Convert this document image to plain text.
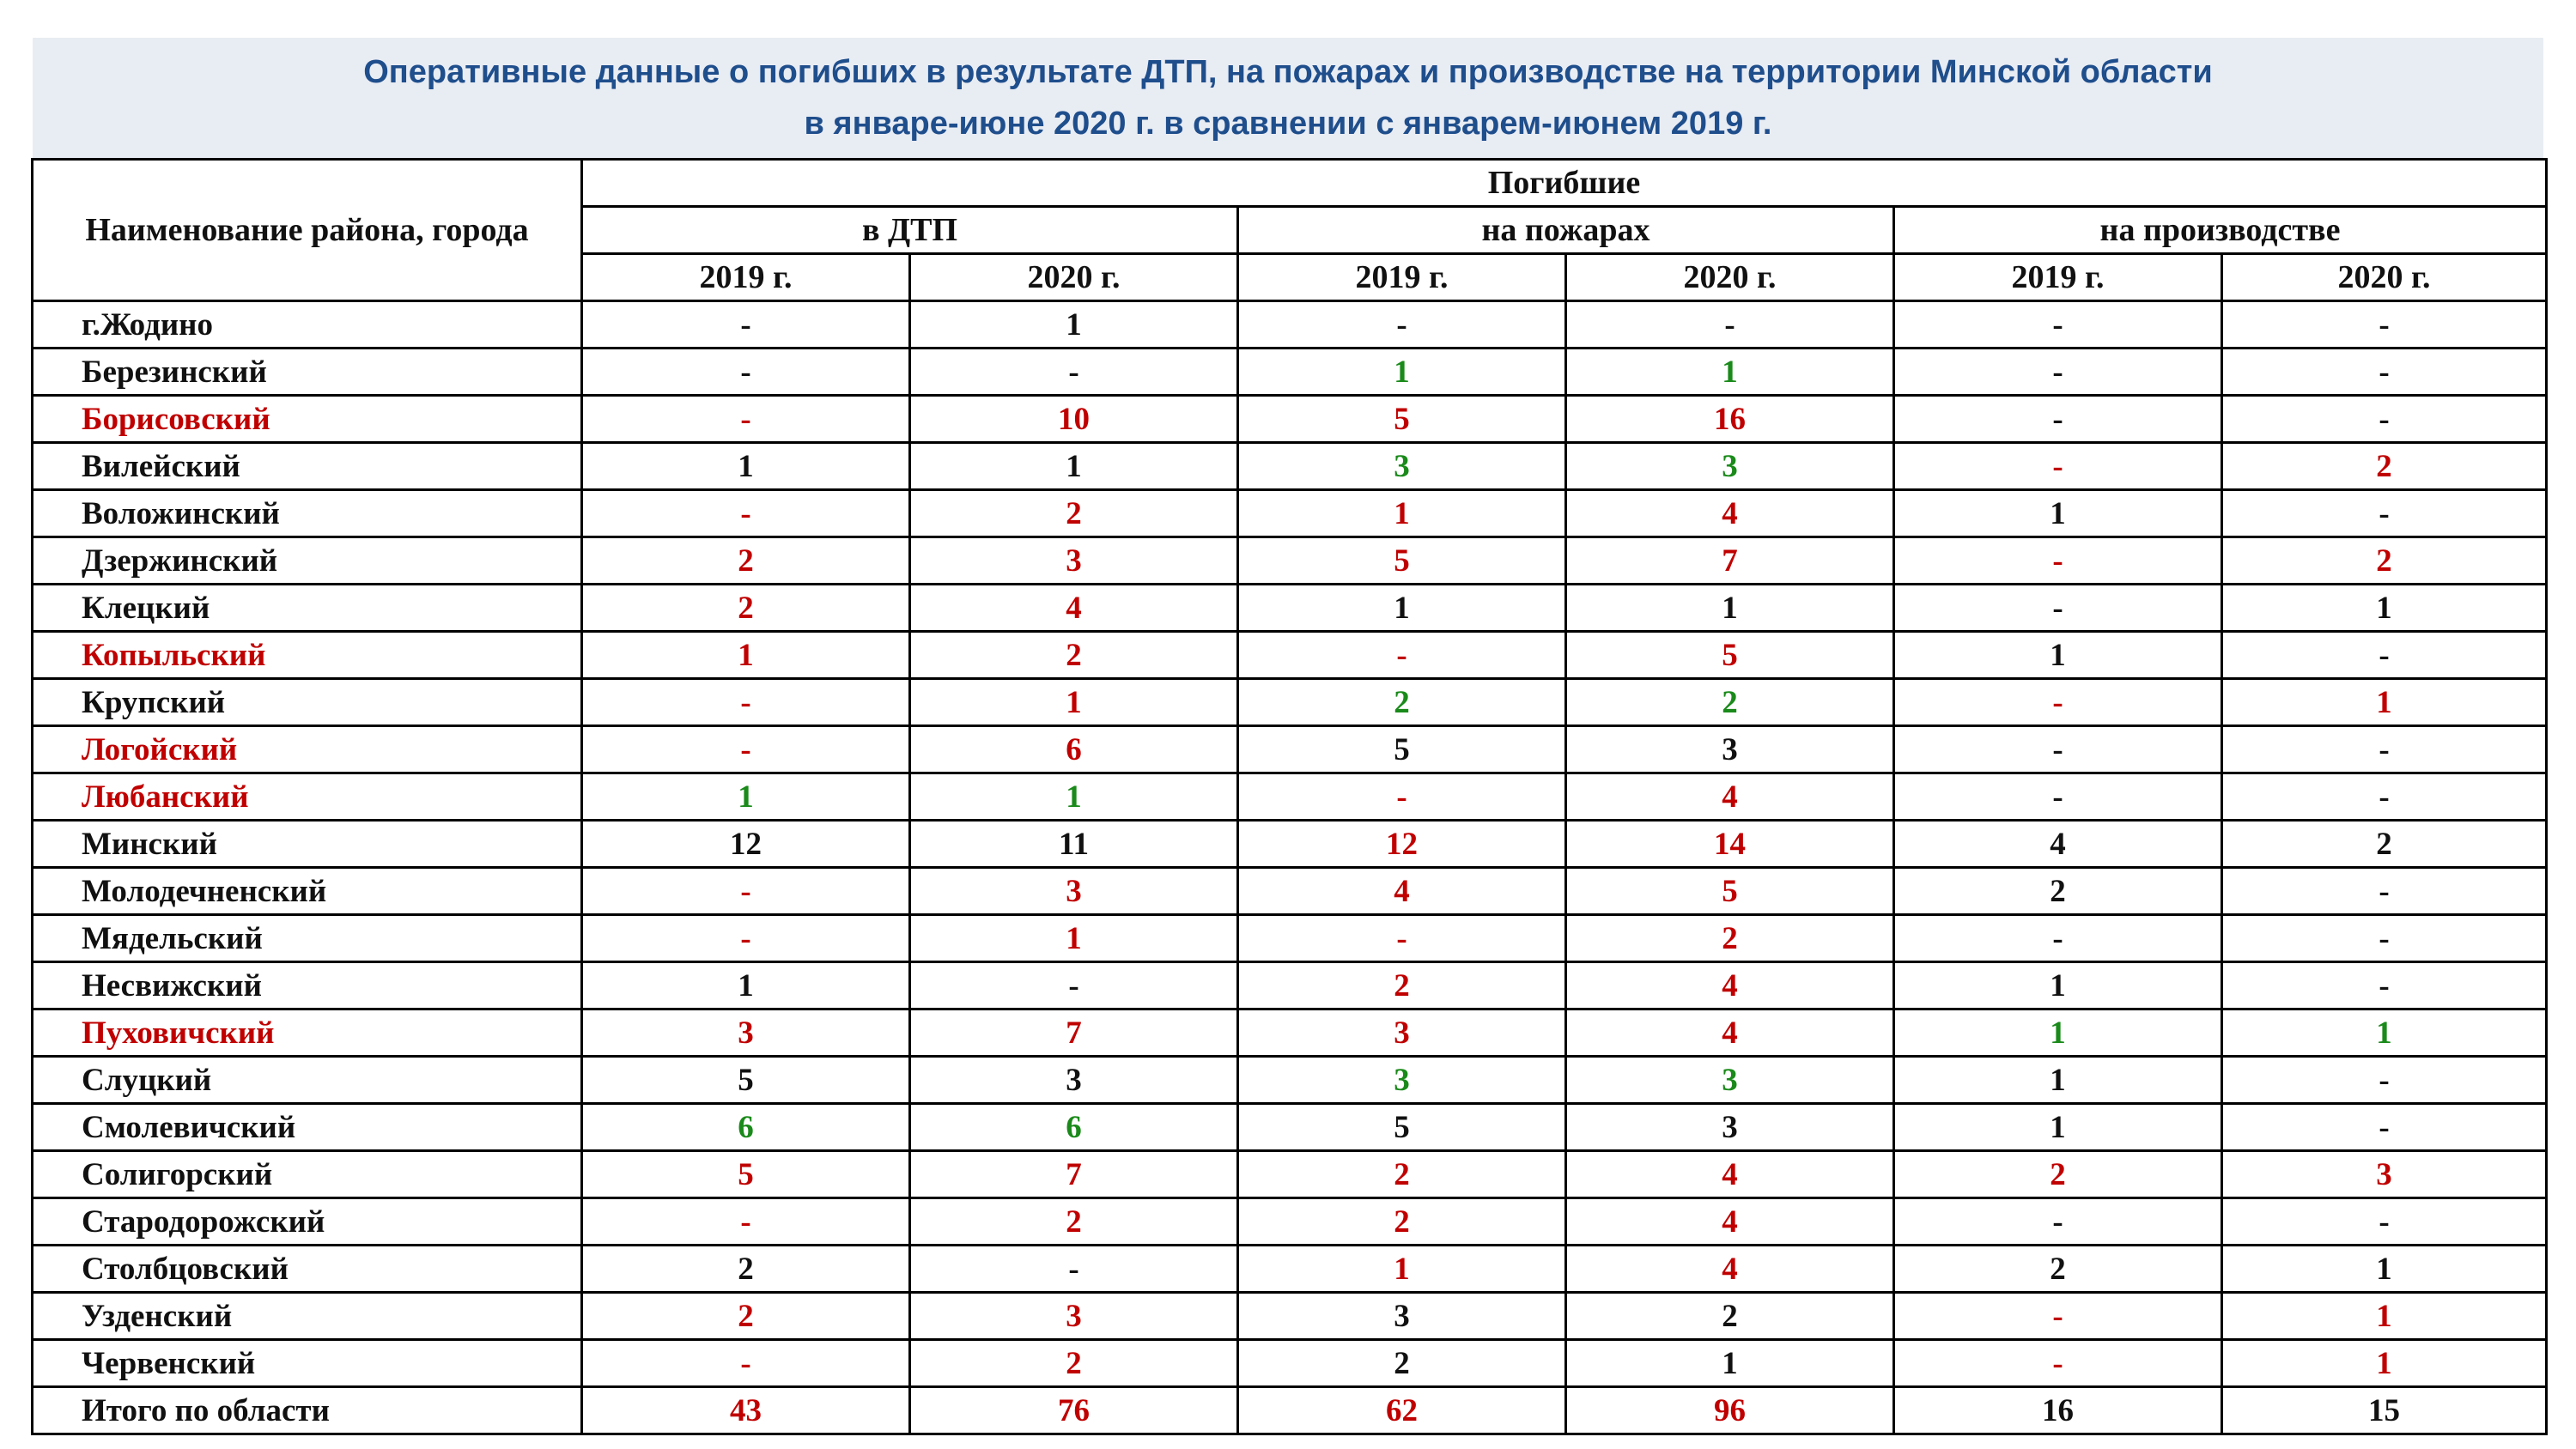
Оперативные данные о погибших в результате ДТП, на пожарах и производстве на территории Минской области
в январе-июне 2020 г. в сравнении с январем-июнем 2019 г.
Наименование района, города	Погибшие					
	в ДТП		на пожарах		на производстве	
	2019 г.	2020 г.	2019 г.	2020 г.	2019 г.	2020 г.
г.Жодино	-	1	-	-	-	-
Березинский	-	-	1	1	-	-
Борисовский	-	10	5	16	-	-
Вилейский	1	1	3	3	-	2
Воложинский	-	2	1	4	1	-
Дзержинский	2	3	5	7	-	2
Клецкий	2	4	1	1	-	1
Копыльский	1	2	-	5	1	-
Крупский	-	1	2	2	-	1
Логойский	-	6	5	3	-	-
Любанский	1	1	-	4	-	-
Минский	12	11	12	14	4	2
Молодечненский	-	3	4	5	2	-
Мядельский	-	1	-	2	-	-
Несвижский	1	-	2	4	1	-
Пуховичский	3	7	3	4	1	1
Слуцкий	5	3	3	3	1	-
Смолевичский	6	6	5	3	1	-
Солигорский	5	7	2	4	2	3
Стародорожский	-	2	2	4	-	-
Столбцовский	2	-	1	4	2	1
Узденский	2	3	3	2	-	1
Червенский	-	2	2	1	-	1
Итого по области	43	76	62	96	16	15
